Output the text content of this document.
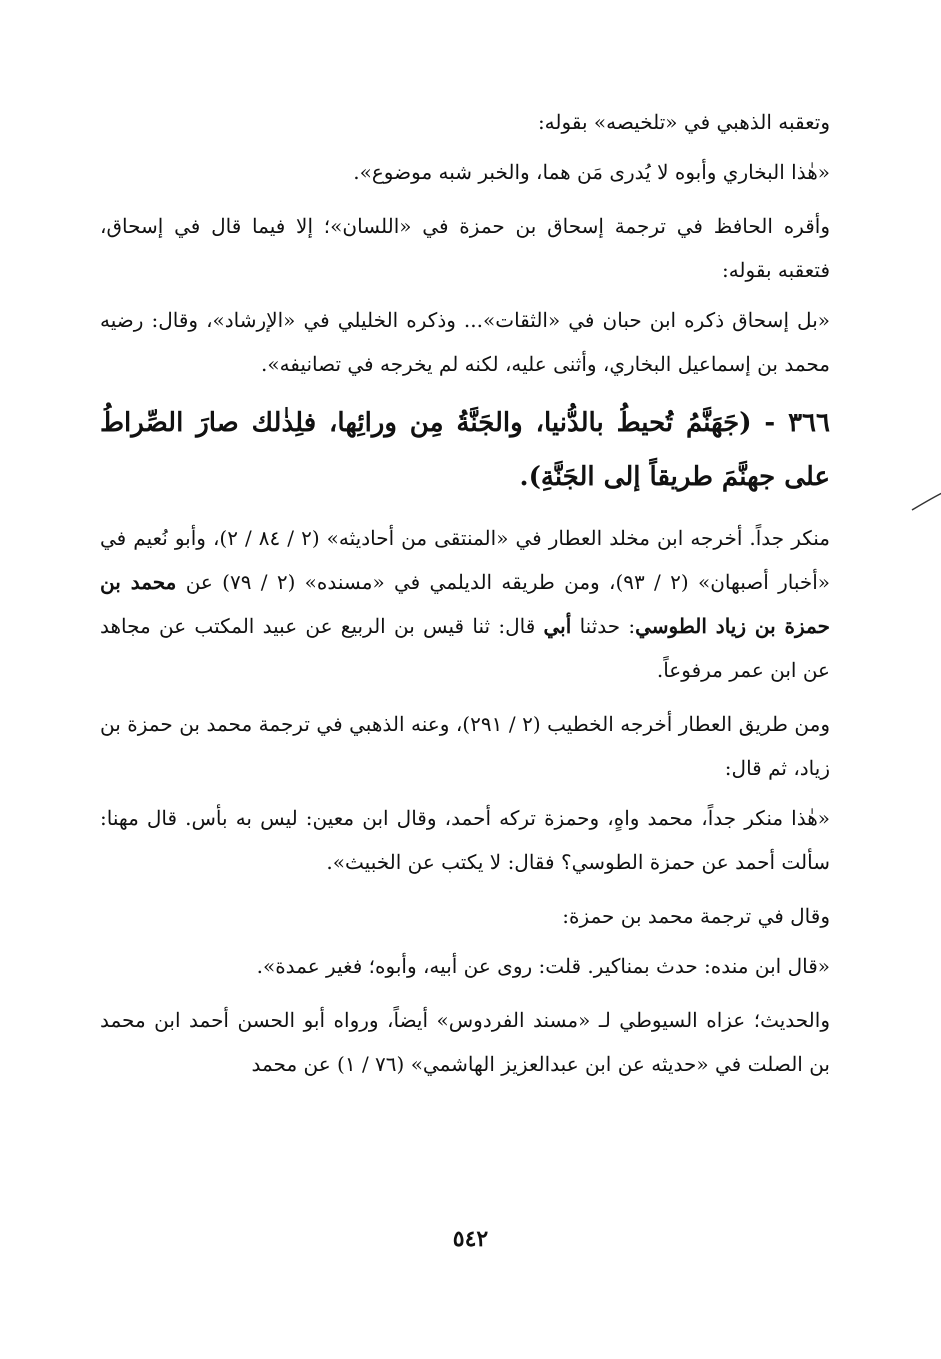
وتعقبه الذهبي في «تلخيصه» بقوله:

«هٰذا البخاري وأبوه لا يُدرى مَن هما، والخبر شبه موضوع».

وأقره الحافظ في ترجمة إسحاق بن حمزة في «اللسان»؛ إلا فيما قال في إسحاق، فتعقبه بقوله:

«بل إسحاق ذكره ابن حبان في «الثقات»... وذكره الخليلي في «الإرشاد»، وقال: رضيه محمد بن إسماعيل البخاري، وأثنى عليه، لكنه لم يخرجه في تصانيفه».

٣٦٦ - (جَهَنَّمُ تُحيطُ بالدُّنيا، والجَنَّةُ مِن ورائِها، فلِذٰلك صارَ الصِّراطُ على جهنَّمَ طريقاً إلى الجَنَّةِ).

منكر جداً. أخرجه ابن مخلد العطار في «المنتقى من أحاديثه» (٢ / ٨٤ / ٢)، وأبو نُعيم في «أخبار أصبهان» (٢ / ٩٣)، ومن طريقه الديلمي في «مسنده» (٢ / ٧٩) عن محمد بن حمزة بن زياد الطوسي: حدثنا أبي قال: ثنا قيس بن الربيع عن عبيد المكتب عن مجاهد عن ابن عمر مرفوعاً.

ومن طريق العطار أخرجه الخطيب (٢ / ٢٩١)، وعنه الذهبي في ترجمة محمد بن حمزة بن زياد، ثم قال:

«هٰذا منكر جداً، محمد واهٍ، وحمزة تركه أحمد، وقال ابن معين: ليس به بأس. قال مهنا: سألت أحمد عن حمزة الطوسي؟ فقال: لا يكتب عن الخبيث».

وقال في ترجمة محمد بن حمزة:

«قال ابن منده: حدث بمناكير. قلت: روى عن أبيه، وأبوه؛ فغير عمدة».

والحديث؛ عزاه السيوطي لـ «مسند الفردوس» أيضاً، ورواه أبو الحسن أحمد ابن محمد بن الصلت في «حديثه عن ابن عبدالعزيز الهاشمي» (٧٦ / ١) عن محمد

٥٤٢
